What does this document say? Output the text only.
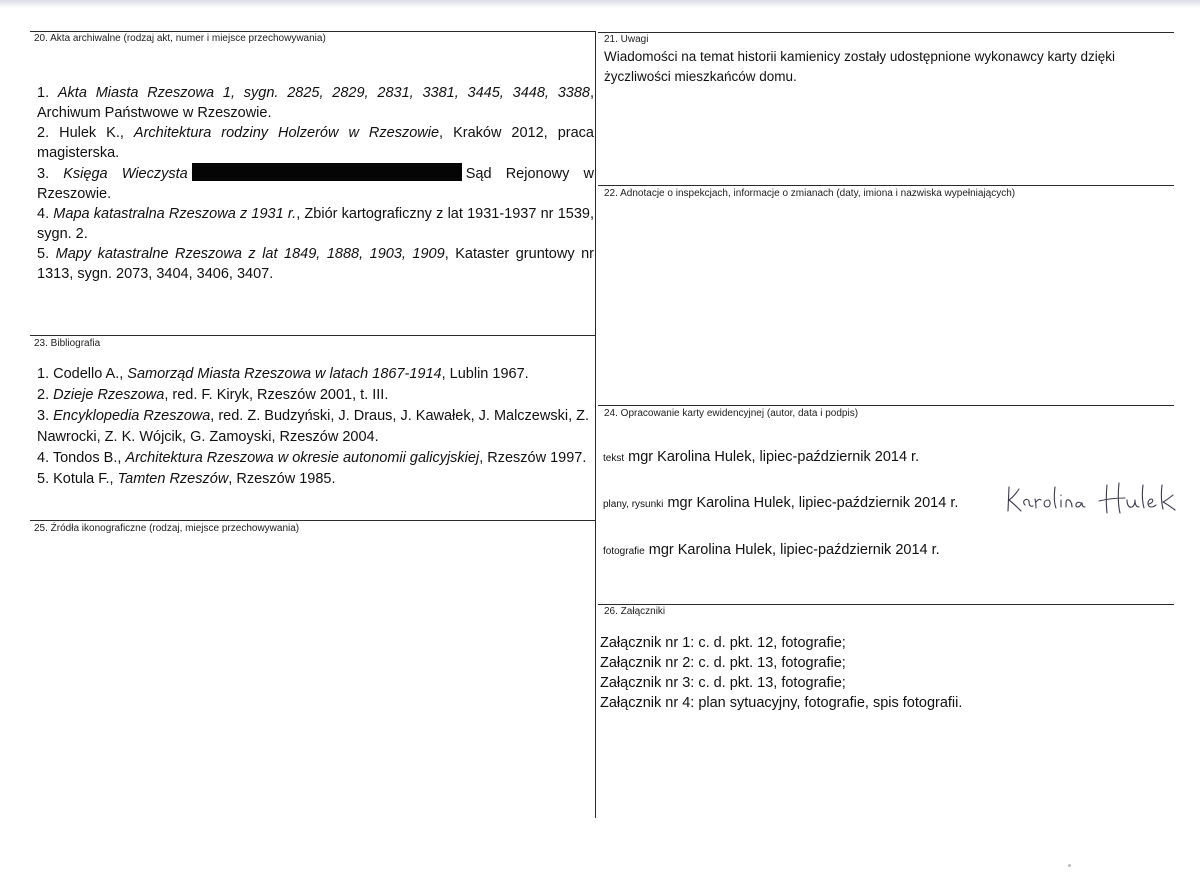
20. Akta archiwalne (rodzaj akt, numer i miejsce przechowywania)

1. Akta Miasta Rzeszowa 1, sygn. 2825, 2829, 2831, 3381, 3445, 3448, 3388, Archiwum Państwowe w Rzeszowie.

2. Hulek K., Architektura rodziny Holzerów w Rzeszowie, Kraków 2012, praca magisterska.

3. Księga Wieczysta	Sąd Rejonowy w Rzeszowie.

4. Mapa katastralna Rzeszowa z 1931 r., Zbiór kartograficzny z lat 1931-1937 nr 1539, sygn. 2.

5. Mapy katastralne Rzeszowa z lat 1849, 1888, 1903, 1909, Kataster gruntowy nr 1313, sygn. 2073, 3404, 3406, 3407.

21. Uwagi
Wiadomości na temat historii kamienicy zostały udostępnione wykonawcy karty dzięki życzliwości mieszkańców domu.
22. Adnotacje o inspekcjach, informacje o zmianach (daty, imiona i nazwiska wypełniających)
23. Bibliografia

1. Codello A., Samorząd Miasta Rzeszowa w latach 1867-1914, Lublin 1967.

2. Dzieje Rzeszowa, red. F. Kiryk, Rzeszów 2001, t. III.

3. Encyklopedia Rzeszowa, red. Z. Budzyński, J. Draus, J. Kawałek, J. Malczewski, Z. Nawrocki, Z. K. Wójcik, G. Zamoyski, Rzeszów 2004.

4. Tondos B., Architektura Rzeszowa w okresie autonomii galicyjskiej, Rzeszów 1997.

5. Kotula F., Tamten Rzeszów, Rzeszów 1985.

25. Źródła ikonograficzne (rodzaj, miejsce przechowywania)
24. Opracowanie karty ewidencyjnej (autor, data i podpis)
tekst mgr Karolina Hulek, lipiec-październik 2014 r.
plany, rysunki mgr Karolina Hulek, lipiec-październik 2014 r.
fotografie mgr Karolina Hulek, lipiec-październik 2014 r.
26. Załączniki

Załącznik nr 1: c. d. pkt. 12, fotografie;

Załącznik nr 2: c. d. pkt. 13, fotografie;

Załącznik nr 3: c. d. pkt. 13, fotografie;

Załącznik nr 4: plan sytuacyjny, fotografie, spis fotografii.
